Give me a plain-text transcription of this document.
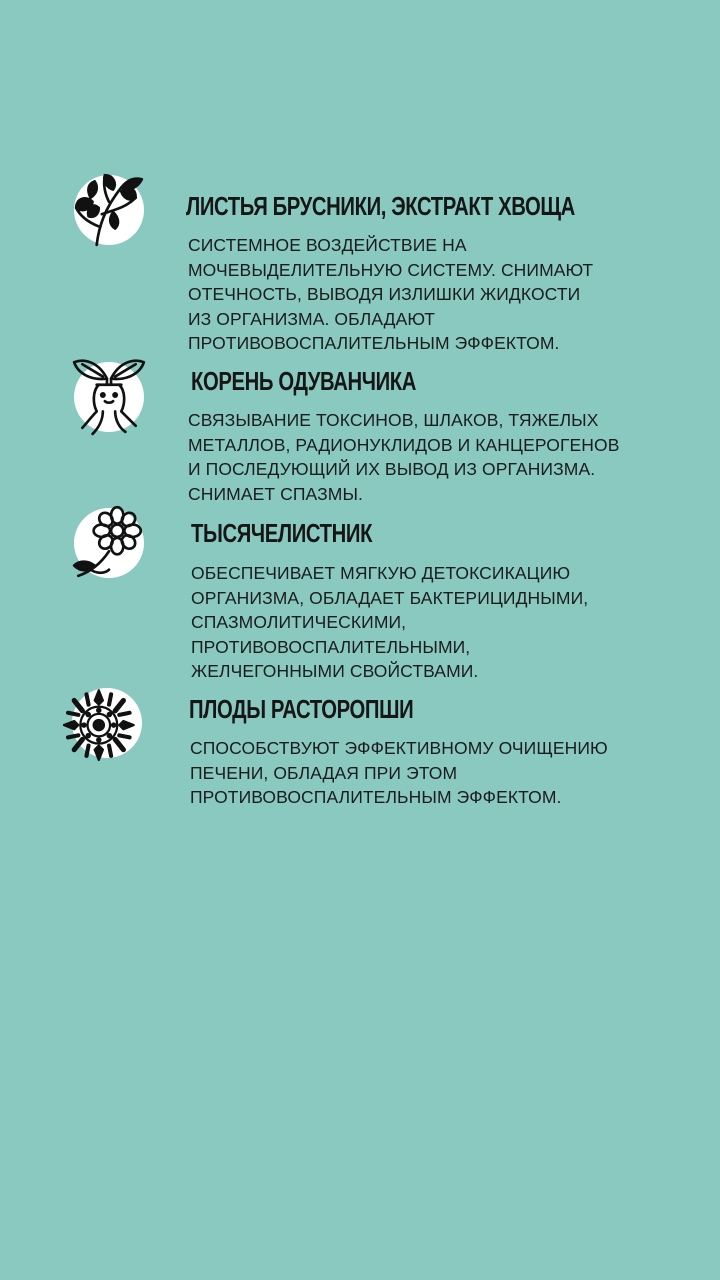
ЛИСТЬЯ БРУСНИКИ, ЭКСТРАКТ ХВОЩА
СИСТЕМНОЕ ВОЗДЕЙСТВИЕ НА
МОЧЕВЫДЕЛИТЕЛЬНУЮ СИСТЕМУ. СНИМАЮТ
ОТЕЧНОСТЬ, ВЫВОДЯ ИЗЛИШКИ ЖИДКОСТИ
ИЗ ОРГАНИЗМА. ОБЛАДАЮТ
ПРОТИВОВОСПАЛИТЕЛЬНЫМ ЭФФЕКТОМ.
КОРЕНЬ ОДУВАНЧИКА
СВЯЗЫВАНИЕ ТОКСИНОВ, ШЛАКОВ, ТЯЖЕЛЫХ
МЕТАЛЛОВ, РАДИОНУКЛИДОВ И КАНЦЕРОГЕНОВ
И ПОСЛЕДУЮЩИЙ ИХ ВЫВОД ИЗ ОРГАНИЗМА.
СНИМАЕТ СПАЗМЫ.
ТЫСЯЧЕЛИСТНИК
ОБЕСПЕЧИВАЕТ МЯГКУЮ ДЕТОКСИКАЦИЮ
ОРГАНИЗМА, ОБЛАДАЕТ БАКТЕРИЦИДНЫМИ,
СПАЗМОЛИТИЧЕСКИМИ,
ПРОТИВОВОСПАЛИТЕЛЬНЫМИ,
ЖЕЛЧЕГОННЫМИ СВОЙСТВАМИ.
ПЛОДЫ РАСТОРОПШИ
СПОСОБСТВУЮТ ЭФФЕКТИВНОМУ ОЧИЩЕНИЮ
ПЕЧЕНИ, ОБЛАДАЯ ПРИ ЭТОМ
ПРОТИВОВОСПАЛИТЕЛЬНЫМ ЭФФЕКТОМ.
